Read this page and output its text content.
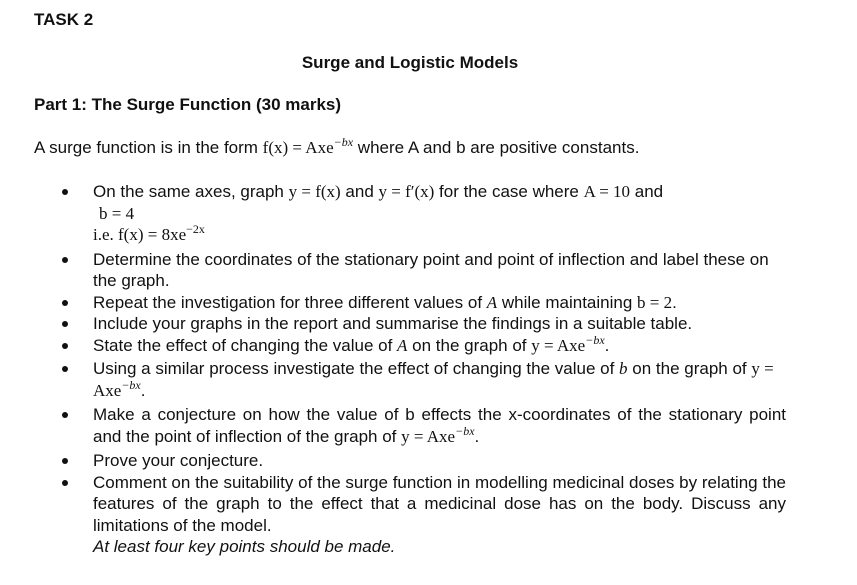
TASK 2
Surge and Logistic Models
Part 1: The Surge Function (30 marks)
A surge function is in the form f(x) = Axe$^{-bx}$ where A and b are positive constants.
On the same axes, graph y = f(x) and y = f′(x) for the case where A = 10 and
b = 4
i.e. $f(x) = 8xe^{-2x}$
Determine the coordinates of the stationary point and point of inflection and label these on the graph.
Repeat the investigation for three different values of A while maintaining b = 2.
Include your graphs in the report and summarise the findings in a suitable table.
State the effect of changing the value of A on the graph of y = Axe$^{-bx}$.
Using a similar process investigate the effect of changing the value of b on the graph of y = Axe$^{-bx}$.
Make a conjecture on how the value of b effects the x-coordinates of the stationary point and the point of inflection of the graph of y = Axe$^{-bx}$.
Prove your conjecture.
Comment on the suitability of the surge function in modelling medicinal doses by relating the features of the graph to the effect that a medicinal dose has on the body. Discuss any limitations of the model.
At least four key points should be made.
